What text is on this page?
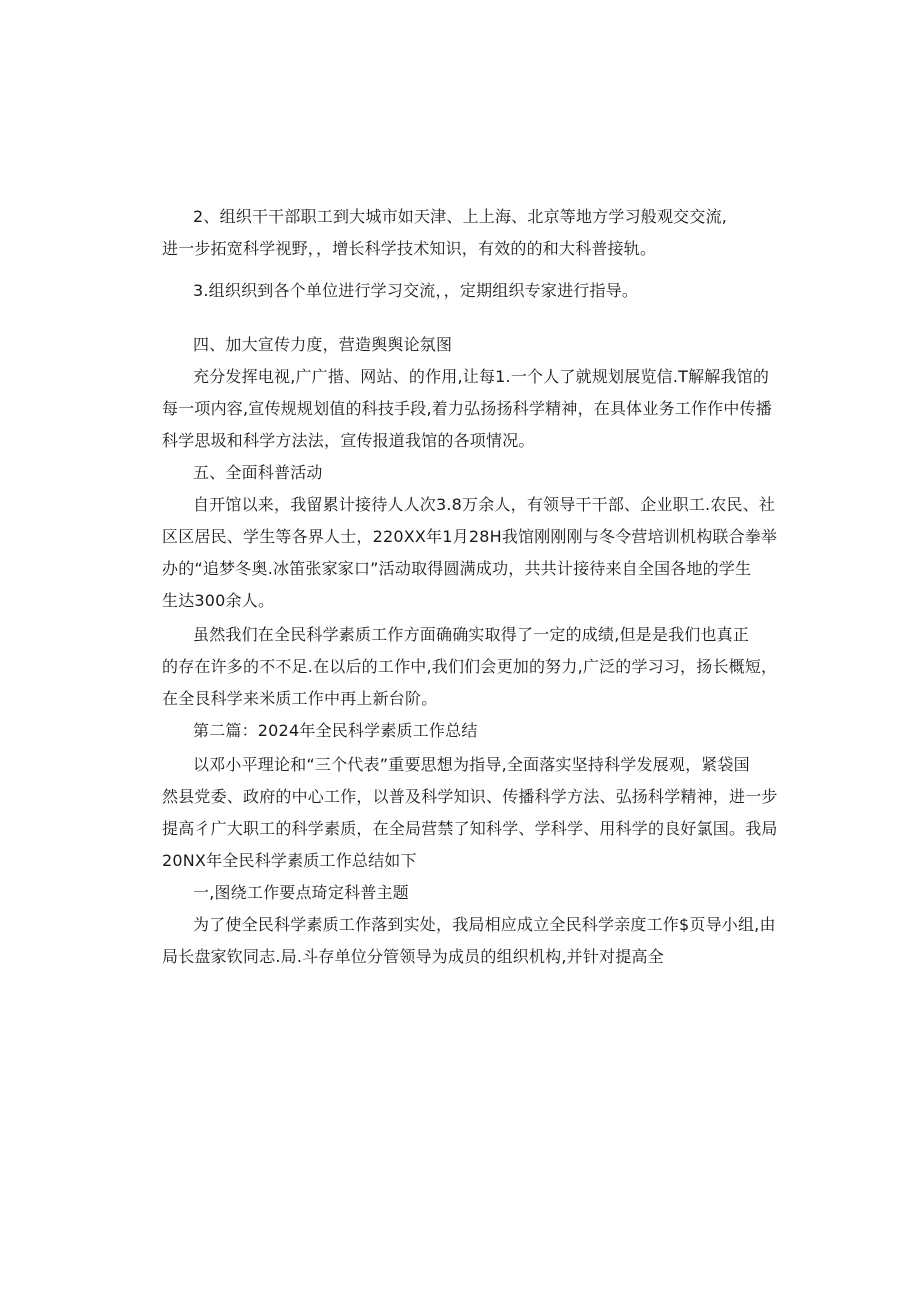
2、组织干干部职工到大城市如天津、上上海、北京等地方学习般观交交流,
进一步拓宽科学视野，，增长科学技术知识，有效的的和大科普接轨。
3.组织织到各个单位进行学习交流，，定期组织专家进行指导。
四、加大宣传力度，营造舆舆论氛图
充分发挥电视,广广揩、网站、的作用,让每1.一个人了就规划展览信.T解解我馆的
每一项内容,宣传规规划值的科技手段,着力弘扬扬科学精神，在具体业务工作作中传播
科学思圾和科学方法法，宣传报道我馆的各项情况。
五、全面科普活动
自开馆以来，我留累计接待人人次3.8万余人，有领导干干部、企业职工.农民、社
区区居民、学生等各界人士，220XX年1月28H我馆刚刚刚与冬令营培训机构联合拳举
办的“追梦冬奥.冰笛张家家口”活动取得圆满成功，共共计接待来自全国各地的学生
生达300余人。
虽然我们在全民科学素质工作方面确确实取得了一定的成绩,但是是我们也真正
的存在许多的不不足.在以后的工作中,我们们会更加的努力,广泛的学习习，扬长概短，
在全艮科学来米质工作中再上新台阶。
第二篇：2024年全民科学素质工作总结
以邓小平理论和“三个代表”重要思想为指导,全面落实坚持科学发展观，紧袋国
然县党委、政府的中心工作，以普及科学知识、传播科学方法、弘扬科学精神，进一步
提高彳广大职工的科学素质，在全局营禁了知科学、学科学、用科学的良好氯国。我局
20NX年全民科学素质工作总结如下
一,图绕工作要点琦定科普主题
为了使全民科学素质工作落到实处，我局相应成立全民科学亲度工作$页导小组,由
局长盘家钦同志.局.斗存单位分管领导为成员的组织机构,并针对提高全
